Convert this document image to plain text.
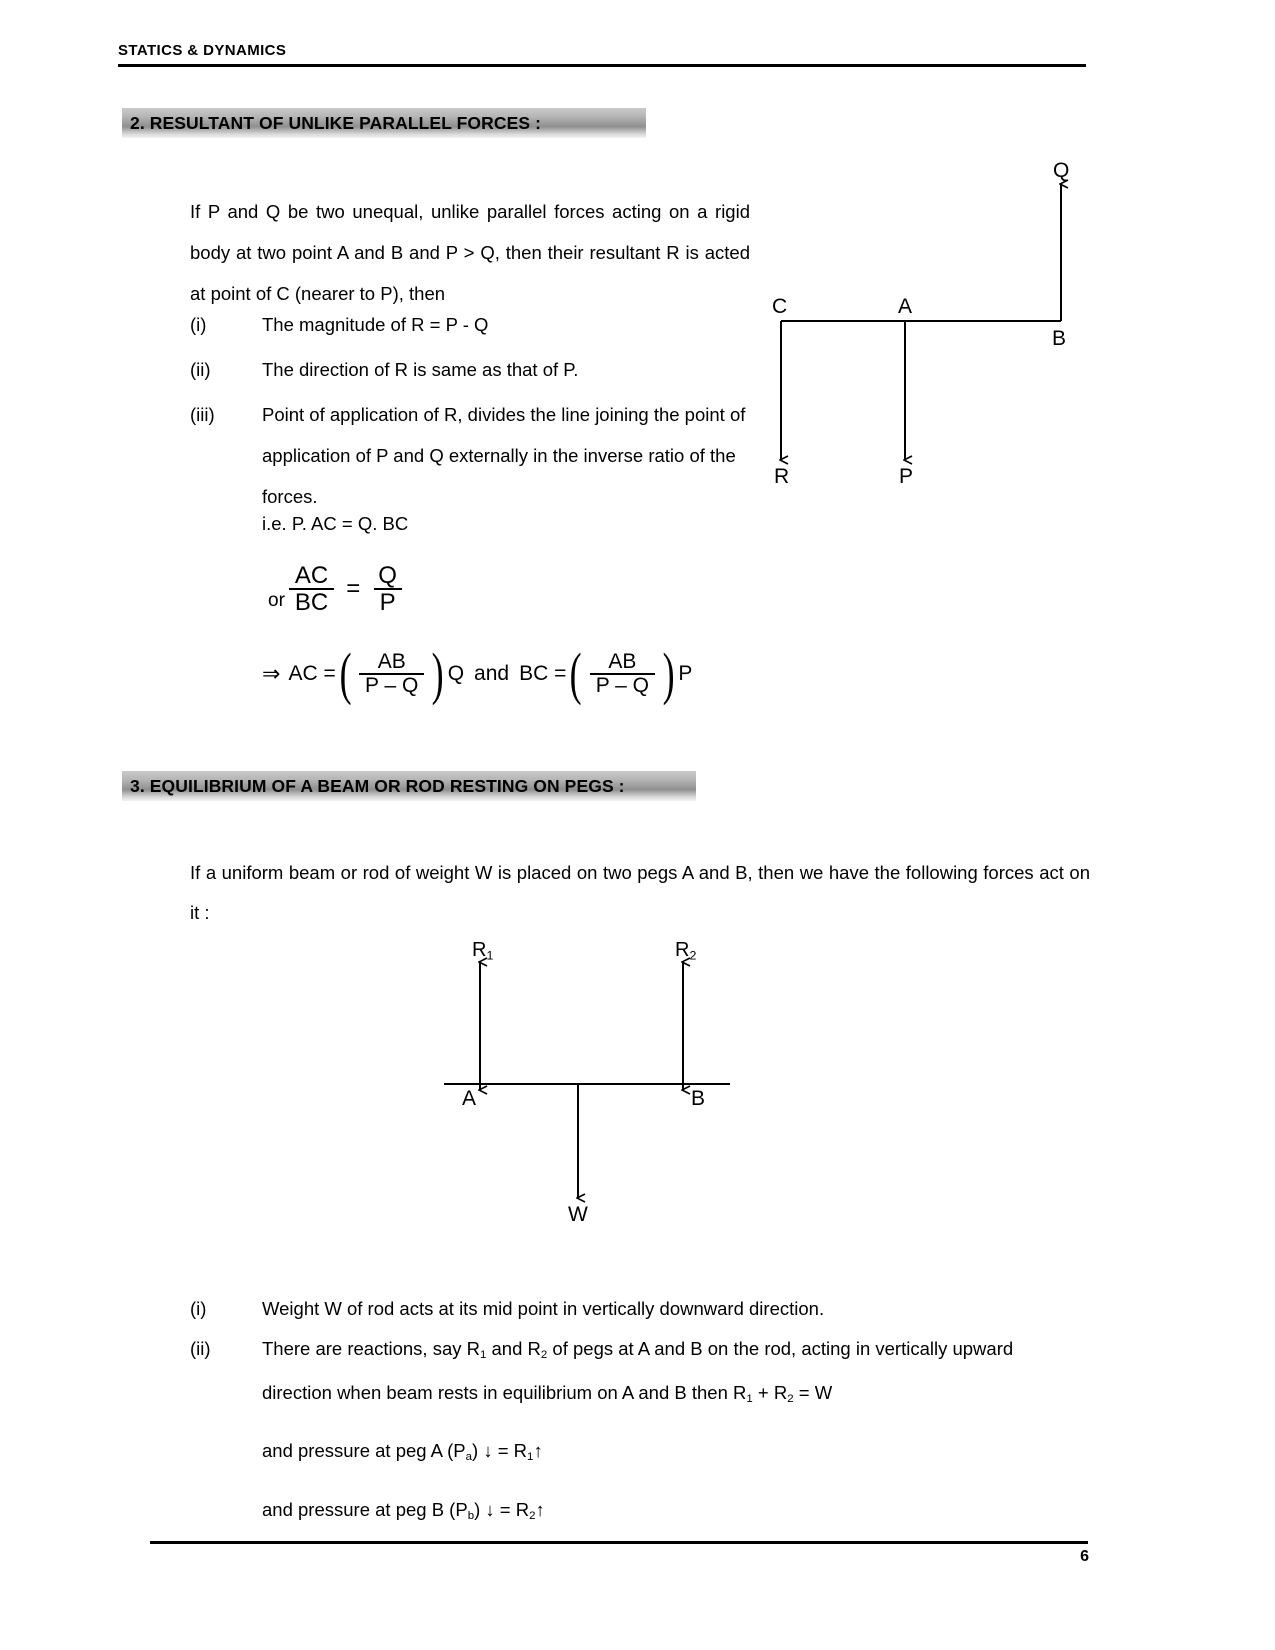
STATICS & DYNAMICS
2. RESULTANT OF UNLIKE PARALLEL FORCES :
If P and Q be two unequal, unlike parallel forces acting on a rigid body at two point A and B and P > Q, then their resultant R is acted at point of C (nearer to P), then
(i)	The magnitude of R = P - Q
(ii)	The direction of R is same as that of P.
(iii)	Point of application of R, divides the line joining the point of application of P and Q externally in the inverse ratio of the forces.
i.e. P. AC = Q. BC
or $\frac{AC}{BC} = \frac{Q}{P}$
⇒ AC = ( $\frac{AB}{P - Q}$ ) Q and BC = ( $\frac{AB}{P - Q}$ ) P
C	A
B
Q
R	P
3. EQUILIBRIUM OF A BEAM OR ROD RESTING ON PEGS :
If a uniform beam or rod of weight W is placed on two pegs A and B, then we have the following forces act on it :
$R_1$	$R_2$
A	B
W
(i)	Weight W of rod acts at its mid point in vertically downward direction.
(ii)	There are reactions, say $R_1$ and $R_2$ of pegs at A and B on the rod, acting in vertically upward
direction when beam rests in equilibrium on A and B then $R_1 + R_2 = W$
and pressure at peg A $(P_a)$ ↓ = $R_1↑$
and pressure at peg B $(P_b)$ ↓ = $R_2↑$
6
